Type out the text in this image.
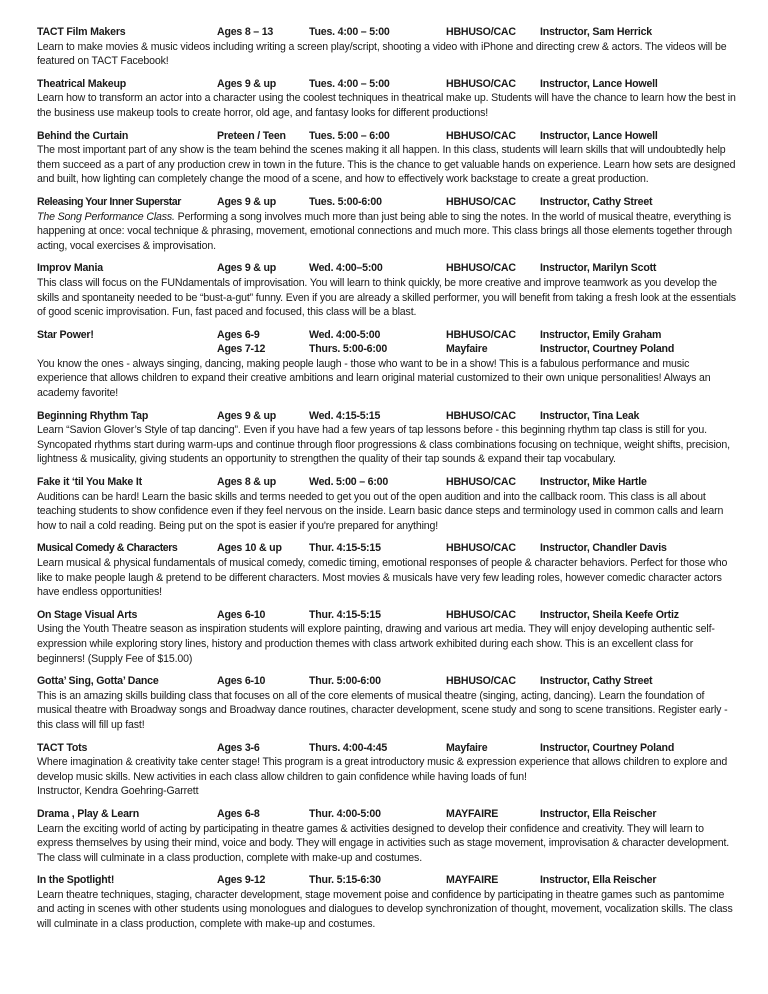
TACT Film Makers	Ages 8 – 13	Tues. 4:00 – 5:00	HBHUSO/CAC	Instructor, Sam Herrick

Learn to make movies & music videos including writing a screen play/script, shooting a video with iPhone and directing crew & actors. The videos will be featured on TACT Facebook!

Theatrical Makeup	Ages 9 & up	Tues. 4:00 – 5:00	HBHUSO/CAC	Instructor, Lance Howell

Learn how to transform an actor into a character using the coolest techniques in theatrical make up. Students will have the chance to learn how the best in the business use makeup tools to create horror, old age, and fantasy looks for different productions!

Behind the Curtain	Preteen / Teen	Tues. 5:00 – 6:00	HBHUSO/CAC	Instructor, Lance Howell

The most important part of any show is the team behind the scenes making it all happen. In this class, students will learn skills that will undoubtedly help them succeed as a part of any production crew in town in the future. This is the chance to get valuable hands on experience. Learn how sets are designed and built, how lighting can completely change the mood of a scene, and how to effectively work backstage to create a great production.

Releasing Your Inner Superstar	Ages 9 & up	Tues. 5:00-6:00	HBHUSO/CAC	Instructor, Cathy Street

The Song Performance Class. Performing a song involves much more than just being able to sing the notes. In the world of musical theatre, everything is happening at once: vocal technique & phrasing, movement, emotional connections and much more. This class brings all those elements together through acting, vocal exercises & improvisation.

Improv Mania	Ages 9 & up	Wed. 4:00–5:00	HBHUSO/CAC	Instructor, Marilyn Scott

This class will focus on the FUNdamentals of improvisation. You will learn to think quickly, be more creative and improve teamwork as you develop the skills and spontaneity needed to be “bust-a-gut” funny. Even if you are already a skilled performer, you will benefit from taking a fresh look at the essentials of good scenic improvisation. Fun, fast paced and focused, this class will be a blast.

Star Power!	Ages 6-9	Wed. 4:00-5:00	HBHUSO/CAC	Instructor, Emily Graham
Ages 7-12	Thurs. 5:00-6:00	Mayfaire	Instructor, Courtney Poland

You know the ones - always singing, dancing, making people laugh - those who want to be in a show! This is a fabulous performance and music experience that allows children to expand their creative ambitions and learn original material customized to their own unique personalities! Always an academy favorite!

Beginning Rhythm Tap	Ages 9 & up	Wed. 4:15-5:15	HBHUSO/CAC	Instructor, Tina Leak

Learn “Savion Glover’s Style of tap dancing”. Even if you have had a few years of tap lessons before - this beginning rhythm tap class is still for you. Syncopated rhythms start during warm-ups and continue through floor progressions & class combinations focusing on technique, weight shifts, precision, lightness & musicality, giving students an opportunity to strengthen the quality of their tap sounds & expand their tap vocabulary.

Fake it ‘til You Make It	Ages 8 & up	Wed. 5:00 – 6:00	HBHUSO/CAC	Instructor, Mike Hartle

Auditions can be hard! Learn the basic skills and terms needed to get you out of the open audition and into the callback room. This class is all about teaching students to show confidence even if they feel nervous on the inside. Learn basic dance steps and terminology used in common calls and learn how to nail a cold reading. Being put on the spot is easier if you're prepared for anything!

Musical Comedy & Characters	Ages 10 & up	Thur. 4:15-5:15	HBHUSO/CAC	Instructor, Chandler Davis

Learn musical & physical fundamentals of musical comedy, comedic timing, emotional responses of people & character behaviors. Perfect for those who like to make people laugh & pretend to be different characters. Most movies & musicals have very few leading roles, however comedic character actors have endless opportunities!

On Stage Visual Arts	Ages 6-10	Thur. 4:15-5:15	HBHUSO/CAC	Instructor, Sheila Keefe Ortiz

Using the Youth Theatre season as inspiration students will explore painting, drawing and various art media. They will enjoy developing authentic self-expression while exploring story lines, history and production themes with class artwork exhibited during each show. This is an excellent class for beginners! (Supply Fee of $15.00)

Gotta’ Sing, Gotta’ Dance	Ages 6-10	Thur. 5:00-6:00	HBHUSO/CAC	Instructor, Cathy Street

This is an amazing skills building class that focuses on all of the core elements of musical theatre (singing, acting, dancing). Learn the foundation of musical theatre with Broadway songs and Broadway dance routines, character development, scene study and song to scene transitions. Register early - this class will fill up fast!

TACT Tots	Ages 3-6	Thurs. 4:00-4:45	Mayfaire	Instructor, Courtney Poland

Where imagination & creativity take center stage! This program is a great introductory music & expression experience that allows children to explore and develop music skills. New activities in each class allow children to gain confidence while having loads of fun!

Instructor, Kendra Goehring-Garrett

Drama , Play & Learn	Ages 6-8	Thur. 4:00-5:00	MAYFAIRE	Instructor, Ella Reischer

Learn the exciting world of acting by participating in theatre games & activities designed to develop their confidence and creativity. They will learn to express themselves by using their mind, voice and body. They will engage in activities such as stage movement, improvisation & character development. The class will culminate in a class production, complete with make-up and costumes.

In the Spotlight!	Ages 9-12	Thur. 5:15-6:30	MAYFAIRE	Instructor, Ella Reischer

Learn theatre techniques, staging, character development, stage movement poise and confidence by participating in theatre games such as pantomime and acting in scenes with other students using monologues and dialogues to develop synchronization of thought, movement, vocalization skills. The class will culminate in a class production, complete with make-up and costumes.
